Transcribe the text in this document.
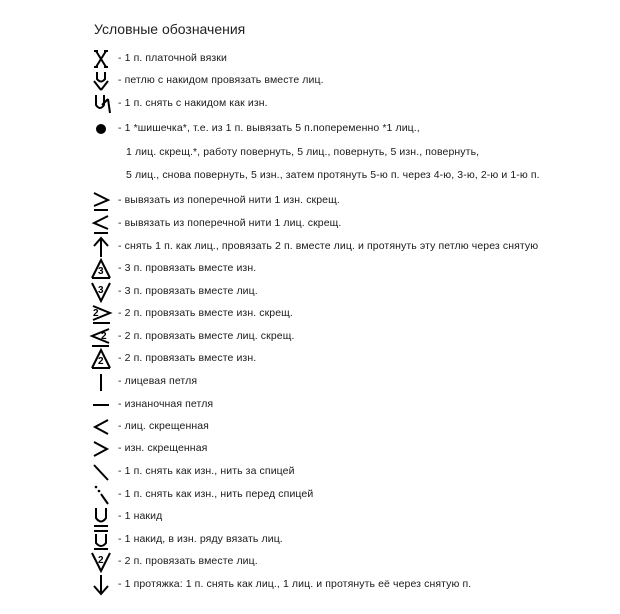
Условные обозначения
- 1 п. платочной вязки
- петлю с накидом провязать вместе лиц.
- 1 п. снять с накидом как изн.
- 1 *шишечка*, т.е. из 1 п. вывязать 5 п.попеременно *1 лиц.,
1 лиц. скрещ.*, работу повернуть, 5 лиц., повернуть, 5 изн., повернуть,
5 лиц., снова повернуть, 5 изн., затем протянуть 5-ю п. через 4-ю, 3-ю, 2-ю и 1-ю п.
- вывязать из поперечной нити 1 изн. скрещ.
- вывязать из поперечной нити 1 лиц. скрещ.
- снять 1 п. как лиц., провязать 2 п. вместе лиц. и протянуть эту петлю через снятую
3 - 3 п. провязать вместе изн.
3 - 3 п. провязать вместе лиц.
2 - 2 п. провязать вместе изн. скрещ.
2 - 2 п. провязать вместе лиц. скрещ.
2 - 2 п. провязать вместе изн.
- лицевая петля
- изнаночная петля
- лиц. скрещенная
- изн. скрещенная
- 1 п. снять как изн., нить за спицей
- 1 п. снять как изн., нить перед спицей
- 1 накид
- 1 накид, в изн. ряду вязать лиц.
2 - 2 п. провязать вместе лиц.
- 1 протяжка: 1 п. снять как лиц., 1 лиц. и протянуть её через снятую п.
